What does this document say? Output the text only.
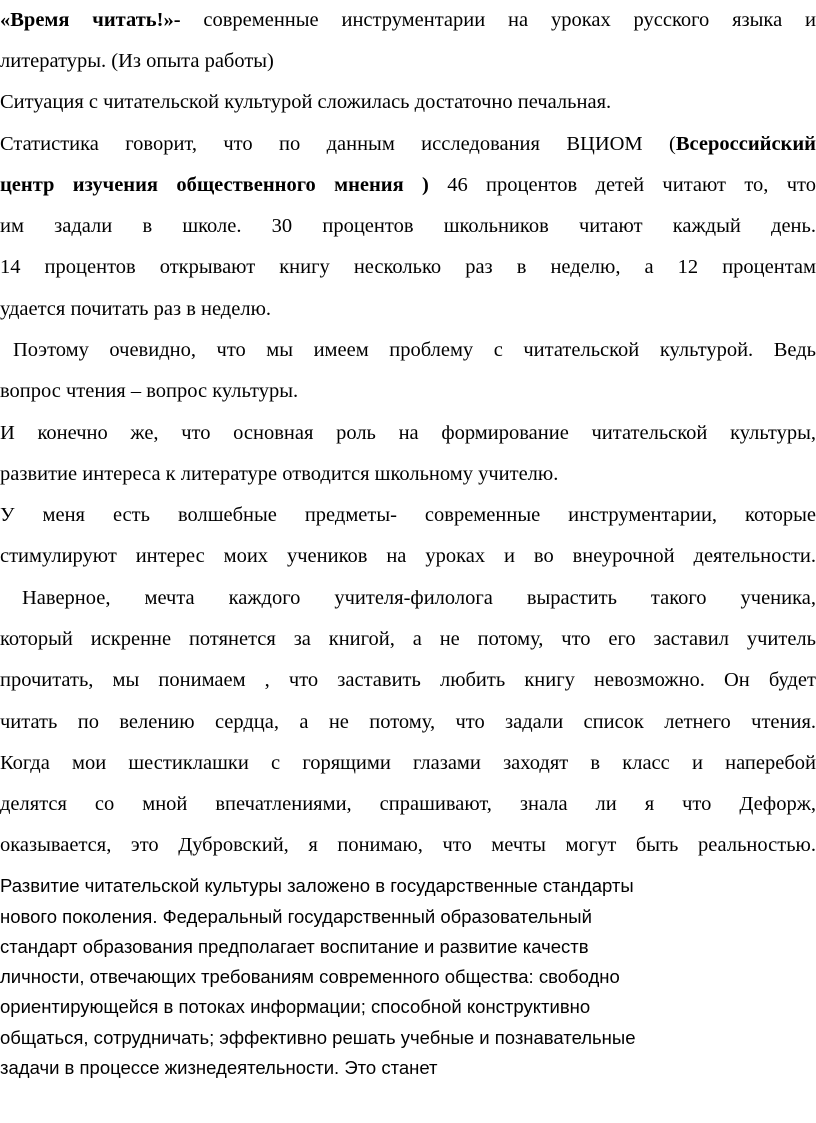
«Время читать!»- современные инструментарии на уроках русского языка и
литературы. (Из опыта работы)
Ситуация с читательской культурой сложилась достаточно печальная.
Статистика говорит, что по данным исследования ВЦИОМ (Всероссийский
центр изучения общественного мнения ) 46 процентов детей читают то, что
им задали в школе. 30 процентов школьников читают каждый день.
14 процентов открывают книгу несколько раз в неделю, а 12 процентам
удается почитать раз в неделю.
Поэтому очевидно, что мы имеем проблему с читательской культурой. Ведь
вопрос чтения – вопрос культуры.
И конечно же, что основная роль на формирование читательской культуры,
развитие интереса к литературе отводится школьному учителю.
У меня есть волшебные предметы- современные инструментарии, которые
стимулируют интерес моих учеников на уроках и во внеурочной деятельности.
Наверное, мечта каждого учителя-филолога вырастить такого ученика,
который искренне потянется за книгой, а не потому, что его заставил учитель
прочитать, мы понимаем , что заставить любить книгу невозможно. Он будет
читать по велению сердца, а не потому, что задали список летнего чтения.
Когда мои шестиклашки с горящими глазами заходят в класс и наперебой
делятся со мной впечатлениями, спрашивают, знала ли я что Дефорж,
оказывается, это Дубровский, я понимаю, что мечты могут быть реальностью.
Развитие читательской культуры заложено в государственные стандарты
нового поколения. Федеральный государственный образовательный
стандарт образования предполагает воспитание и развитие качеств
личности, отвечающих требованиям современного общества: свободно
ориентирующейся в потоках информации; способной конструктивно
общаться, сотрудничать; эффективно решать учебные и познавательные
задачи в процессе жизнедеятельности. Это станет
